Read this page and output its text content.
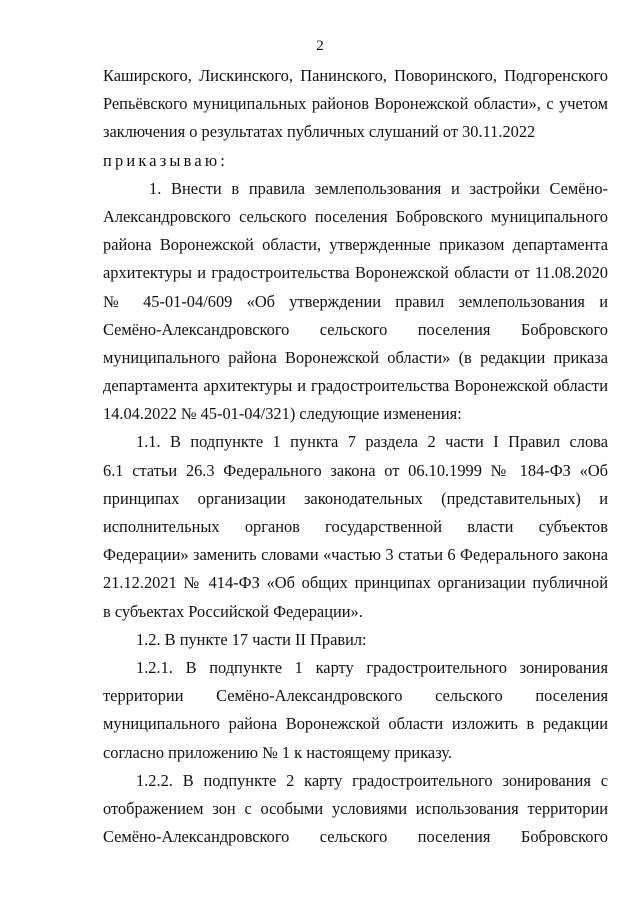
2
Каширского, Лискинского, Панинского, Поворинского, Подгоренского
Репьёвского муниципальных районов Воронежской области», с учетом
заключения о результатах публичных слушаний от 30.11.2022
приказываю:
1. Внести в правила землепользования и застройки Семёно-
Александровского сельского поселения Бобровского муниципального
района Воронежской области, утвержденные приказом департамента
архитектуры и градостроительства Воронежской области от 11.08.2020
№ 45-01-04/609 «Об утверждении правил землепользования и
Семёно-Александровского сельского поселения Бобровского
муниципального района Воронежской области» (в редакции приказа
департамента архитектуры и градостроительства Воронежской области
14.04.2022 № 45-01-04/321) следующие изменения:
1.1. В подпункте 1 пункта 7 раздела 2 части I Правил слова
6.1 статьи 26.3 Федерального закона от 06.10.1999 № 184-ФЗ «Об
принципах организации законодательных (представительных) и
исполнительных органов государственной власти субъектов
Федерации» заменить словами «частью 3 статьи 6 Федерального закона
21.12.2021 № 414-ФЗ «Об общих принципах организации публичной
в субъектах Российской Федерации».
1.2. В пункте 17 части II Правил:
1.2.1. В подпункте 1 карту градостроительного зонирования
территории Семёно-Александровского сельского поселения
муниципального района Воронежской области изложить в редакции
согласно приложению № 1 к настоящему приказу.
1.2.2. В подпункте 2 карту градостроительного зонирования с
отображением зон с особыми условиями использования территории
Семёно-Александровского сельского поселения Бобровского
